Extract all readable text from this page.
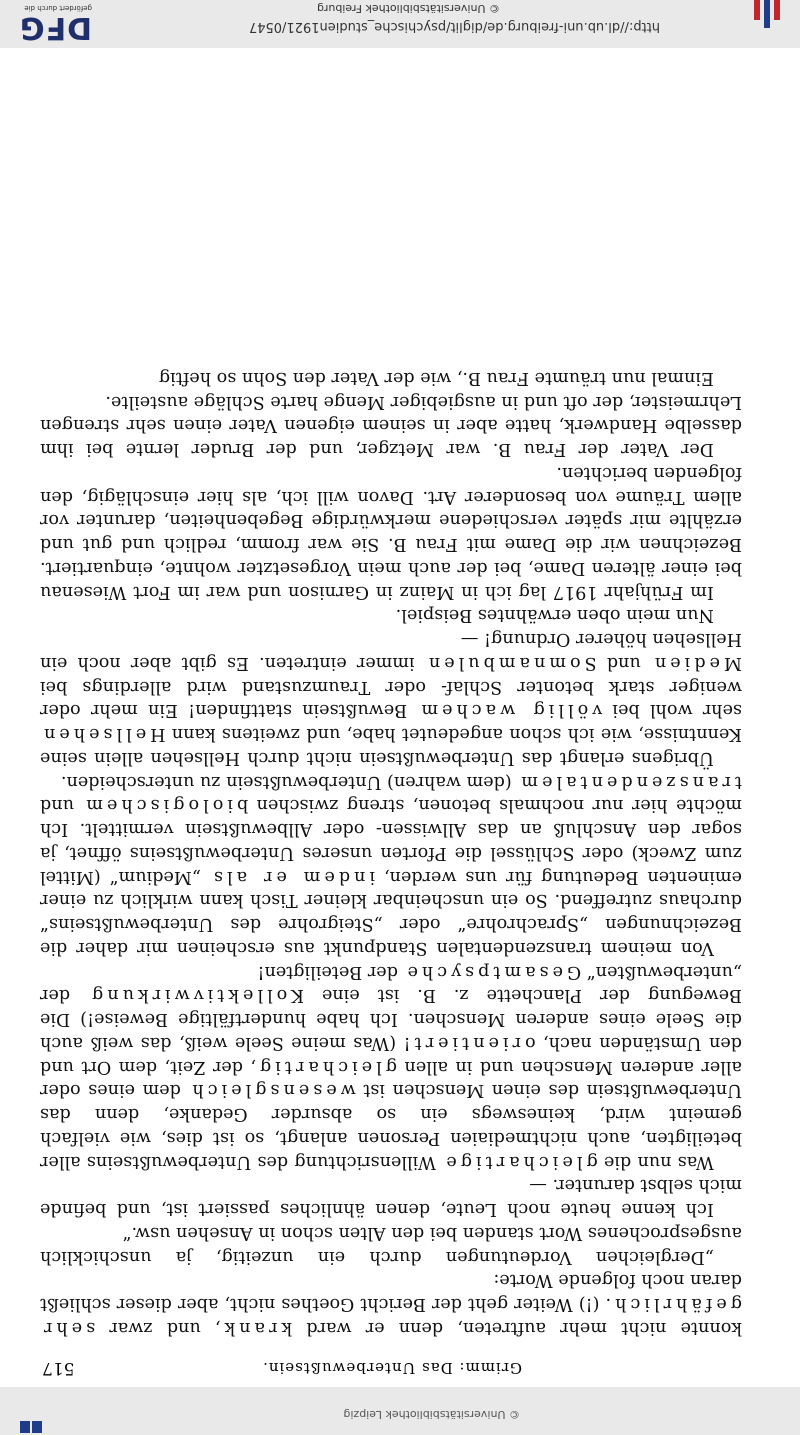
© Universitätsbibliothek Leipzig
Grimm: Das Unterbewußtsein.
517

konnte nicht mehr auftreten, denn er ward krank, und zwar sehr gefährlich. (!) Weiter geht der Bericht Goethes nicht, aber dieser schließt daran noch folgende Worte:

„Dergleichen Vordeutungen durch ein unzeitig, ja unschicklich ausgesprochenes Wort standen bei den Alten schon in Ansehen usw.“

Ich kenne heute noch Leute, denen ähnliches passiert ist, und befinde mich selbst darunter. —

Was nun die gleichartige Willensrichtung des Unterbewußtseins aller beteiligten, auch nichtmediaien Personen anlangt, so ist dies, wie vielfach gemeint wird, keineswegs ein so absurder Gedanke, denn das Unterbewußtsein des einen Menschen ist wesensgleich dem eines oder aller anderen Menschen und in allen gleichartig, der Zeit, dem Ort und den Umständen nach, orientiert! (Was meine Seele weiß, das weiß auch die Seele eines anderen Menschen. Ich habe hundertfältige Beweise!) Die Bewegung der Planchette z. B. ist eine Kollektivwirkung der „unterbewußten“ Gesamtpsyche der Beteiligten!

Von meinem transzendentalen Standpunkt aus erscheinen mir daher die Bezeichnungen „Sprachrohre“ oder „Steigrohre des Unterbewußtseins“ durchaus zutreffend. So ein unscheinbar kleiner Tisch kann wirklich zu einer eminenten Bedeutung für uns werden, indem er als „Medium“ (Mittel zum Zweck) oder Schlüssel die Pforten unseres Unterbewußtseins öffnet, ja sogar den Anschluß an das Allwissen- oder Allbewußtsein vermittelt. Ich möchte hier nur nochmals betonen, streng zwischen biologischem und transzendentalem (dem wahren) Unterbewußtsein zu unterscheiden.

Übrigens erlangt das Unterbewußtsein nicht durch Hellsehen allein seine Kenntnisse, wie ich schon angedeutet habe, und zweitens kann Hellsehen sehr wohl bei völlig wachem Bewußtsein stattfinden! Ein mehr oder weniger stark betonter Schlaf- oder Traumzustand wird allerdings bei Medien und Somnambulen immer eintreten. Es gibt aber noch ein Hellsehen höherer Ordnung! —

Nun mein oben erwähntes Beispiel.

Im Frühjahr 1917 lag ich in Mainz in Garnison und war im Fort Wiesenau bei einer älteren Dame, bei der auch mein Vorgesetzter wohnte, einquartiert. Bezeichnen wir die Dame mit Frau B. Sie war fromm, redlich und gut und erzählte mir später verschiedene merkwürdige Begebenheiten, darunter vor allem Träume von besonderer Art. Davon will ich, als hier einschlägig, den folgenden berichten.

Der Vater der Frau B. war Metzger, und der Bruder lernte bei ihm dasselbe Handwerk, hatte aber in seinem eigenen Vater einen sehr strengen Lehrmeister, der oft und in ausgiebiger Menge harte Schläge austeilte.

Einmal nun träumte Frau B., wie der Vater den Sohn so heftig

DFG
gefördert durch die
http://dl.ub.uni-freiburg.de/diglit/psychische_studien1921/0547
© Universitätsbibliothek Freiburg
